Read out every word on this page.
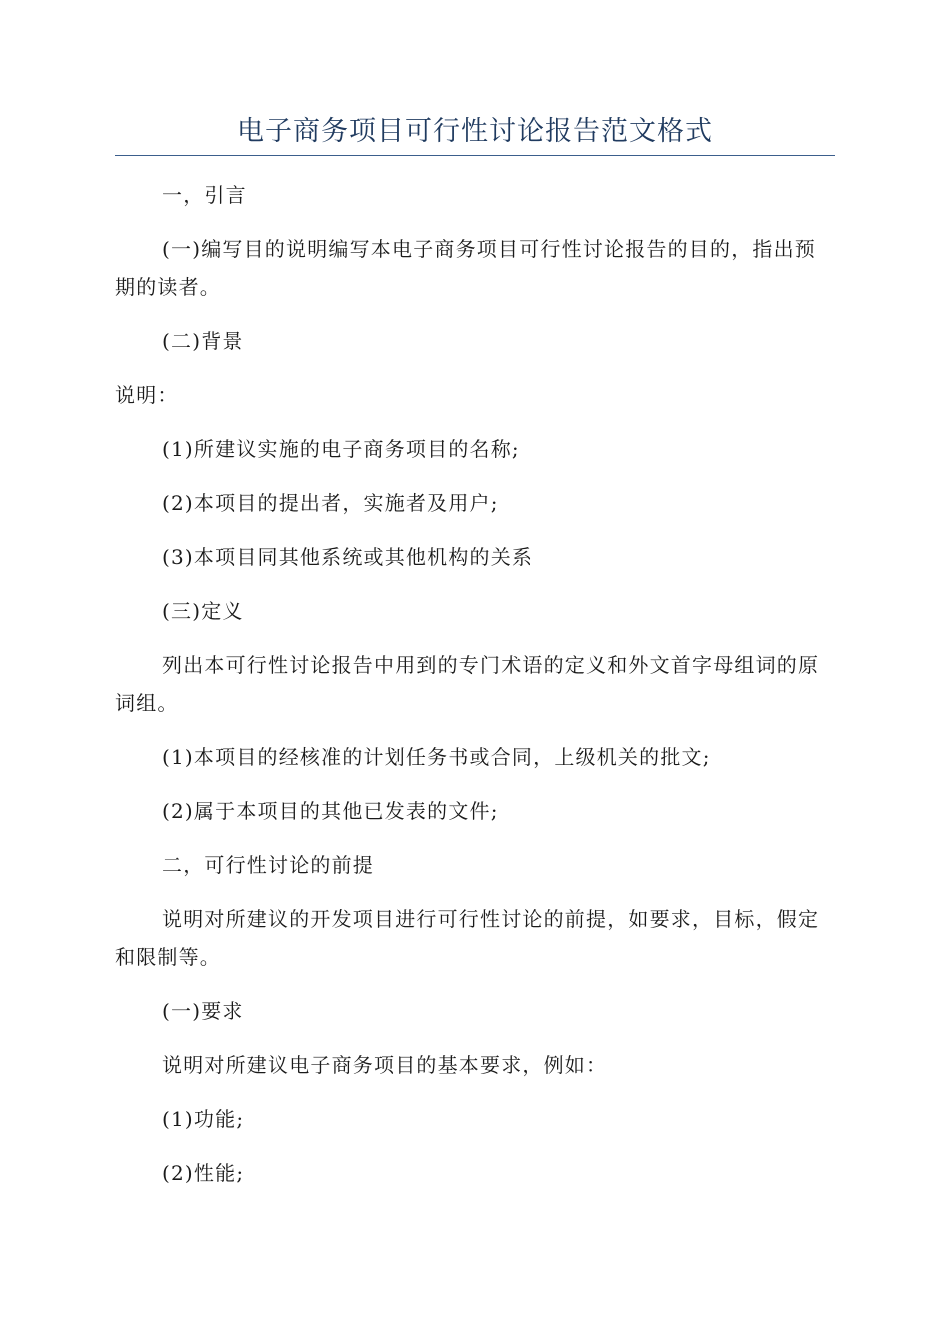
电子商务项目可行性讨论报告范文格式

一，引言

(一)编写目的说明编写本电子商务项目可行性讨论报告的目的，指出预期的读者。

(二)背景

说明：

(1)所建议实施的电子商务项目的名称;

(2)本项目的提出者，实施者及用户;

(3)本项目同其他系统或其他机构的关系

(三)定义

列出本可行性讨论报告中用到的专门术语的定义和外文首字母组词的原词组。

(1)本项目的经核准的计划任务书或合同，上级机关的批文;

(2)属于本项目的其他已发表的文件;

二，可行性讨论的前提

说明对所建议的开发项目进行可行性讨论的前提，如要求，目标，假定和限制等。

(一)要求

说明对所建议电子商务项目的基本要求，例如：

(1)功能;

(2)性能;
